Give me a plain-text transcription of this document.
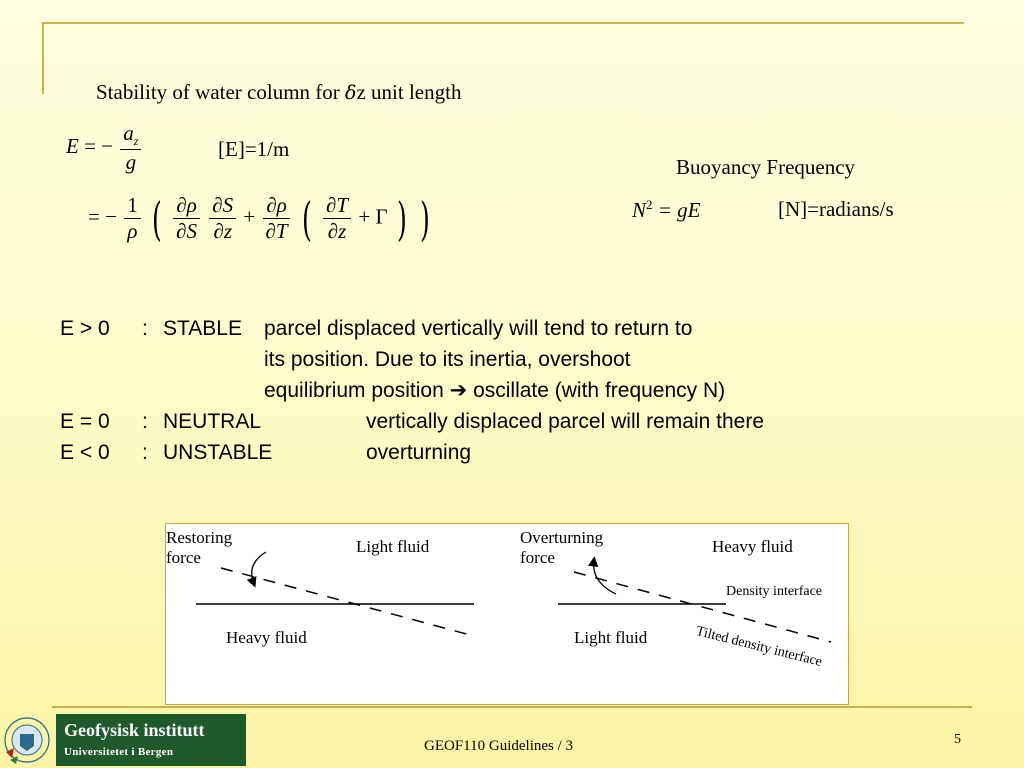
Stability of water column for δz unit length
E = − $\frac{a_z}{g}$	[E]=1/m
= − $\frac{1}{\rho}$ ( $\frac{\partial\rho}{\partial S}$
$\frac{\partial S}{\partial z} + \frac{\partial\rho}{\partial T}$ ( $\frac{\partial T}{\partial z} + \Gamma$ ) )
Buoyancy Frequency
$N^2$ = gE	[N]=radians/s
E > 0 : STABLE parcel displaced vertically will tend to return to
its position. Due to its inertia, overshoot
equilibrium position ➔ oscillate (with frequency N)
E = 0 : NEUTRAL	vertically displaced parcel will remain there
E < 0 : UNSTABLE	overturning
Restoring
force
Light fluid
Heavy fluid
Overturning
force
Heavy fluid
Light fluid
Density interface
Tilted density interface
Geofysisk institutt
Universitetet i Bergen	GEOF110 Guidelines / 3	5
